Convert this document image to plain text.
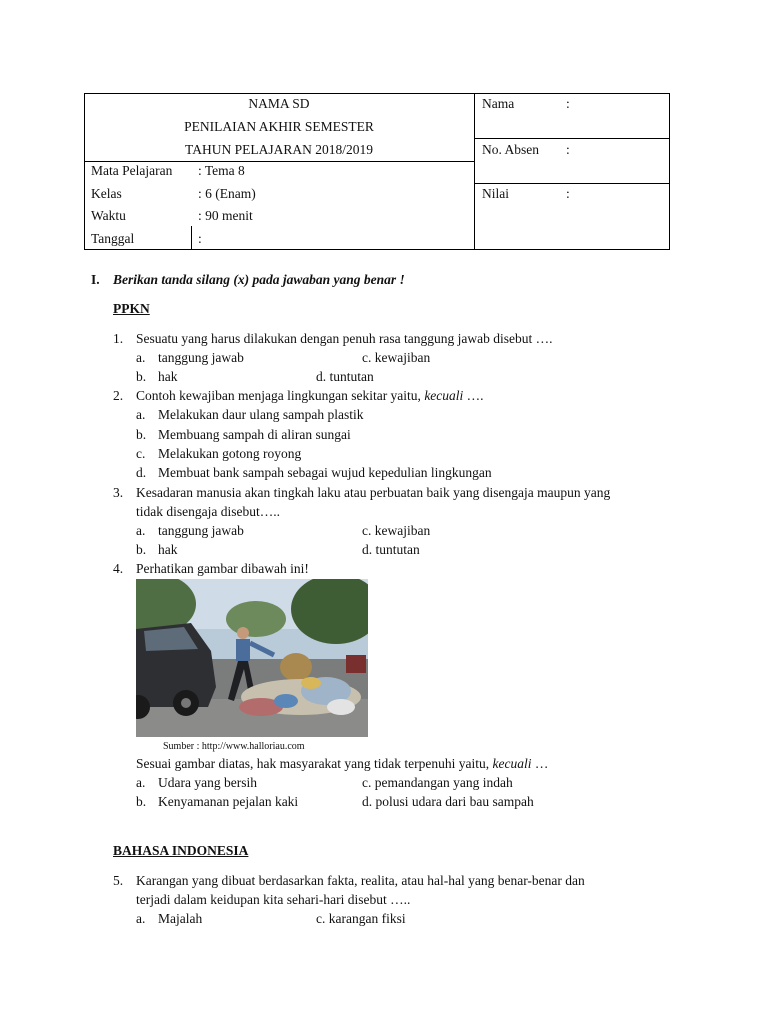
NAMA SD
PENILAIAN AKHIR SEMESTER
TAHUN PELAJARAN 2018/2019
Mata Pelajaran : Tema 8
Kelas	: 6 (Enam)
Waktu	: 90 menit
Tanggal	:
Nama	:
No. Absen :
Nilai	:
I. Berikan tanda silang (x) pada jawaban yang benar !
PPKN
1. Sesuatu yang harus dilakukan dengan penuh rasa tanggung jawab disebut ….
a. tanggung jawab	c. kewajiban
b. hak	d. tuntutan
2. Contoh kewajiban menjaga lingkungan sekitar yaitu, kecuali ….
a. Melakukan daur ulang sampah plastik
b. Membuang sampah di aliran sungai
c. Melakukan gotong royong
d. Membuat bank sampah sebagai wujud kepedulian lingkungan
3. Kesadaran manusia akan tingkah laku atau perbuatan baik yang disengaja maupun yang
tidak disengaja disebut…..
a. tanggung jawab	c. kewajiban
b. hak	d. tuntutan
4. Perhatikan gambar dibawah ini!
Sumber : http://www.halloriau.com
Sesuai gambar diatas, hak masyarakat yang tidak terpenuhi yaitu, kecuali …
a. Udara yang bersih	c. pemandangan yang indah
b. Kenyamanan pejalan kaki	d. polusi udara dari bau sampah
BAHASA INDONESIA
5. Karangan yang dibuat berdasarkan fakta, realita, atau hal-hal yang benar-benar dan
terjadi dalam keidupan kita sehari-hari disebut …..
a. Majalah	c. karangan fiksi
